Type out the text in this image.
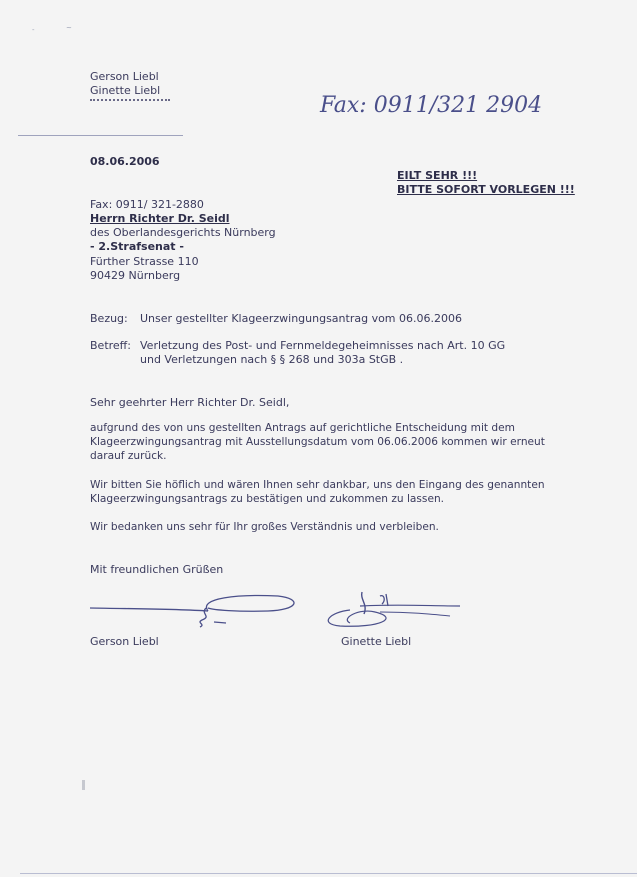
-	~
Gerson Liebl
Ginette Liebl
Fax: 0911/321 2904
08.06.2006
EILT SEHR !!!
BITTE SOFORT VORLEGEN !!!
Fax: 0911/ 321-2880
Herrn Richter Dr. Seidl
des Oberlandesgerichts Nürnberg
- 2.Strafsenat -
Fürther Strasse 110
90429 Nürnberg
Bezug: Unser gestellter Klageerzwingungsantrag vom 06.06.2006
Betreff: Verletzung des Post- und Fernmeldegeheimnisses nach Art. 10 GG
und Verletzungen nach § § 268 und 303a StGB .
Sehr geehrter Herr Richter Dr. Seidl,
aufgrund des von uns gestellten Antrags auf gerichtliche Entscheidung mit dem
Klageerzwingungsantrag mit Ausstellungsdatum vom 06.06.2006 kommen wir erneut
darauf zurück.
Wir bitten Sie höflich und wären Ihnen sehr dankbar, uns den Eingang des genannten
Klageerzwingungsantrags zu bestätigen und zukommen zu lassen.
Wir bedanken uns sehr für Ihr großes Verständnis und verbleiben.
Mit freundlichen Grüßen
Gerson Liebl	Ginette Liebl
